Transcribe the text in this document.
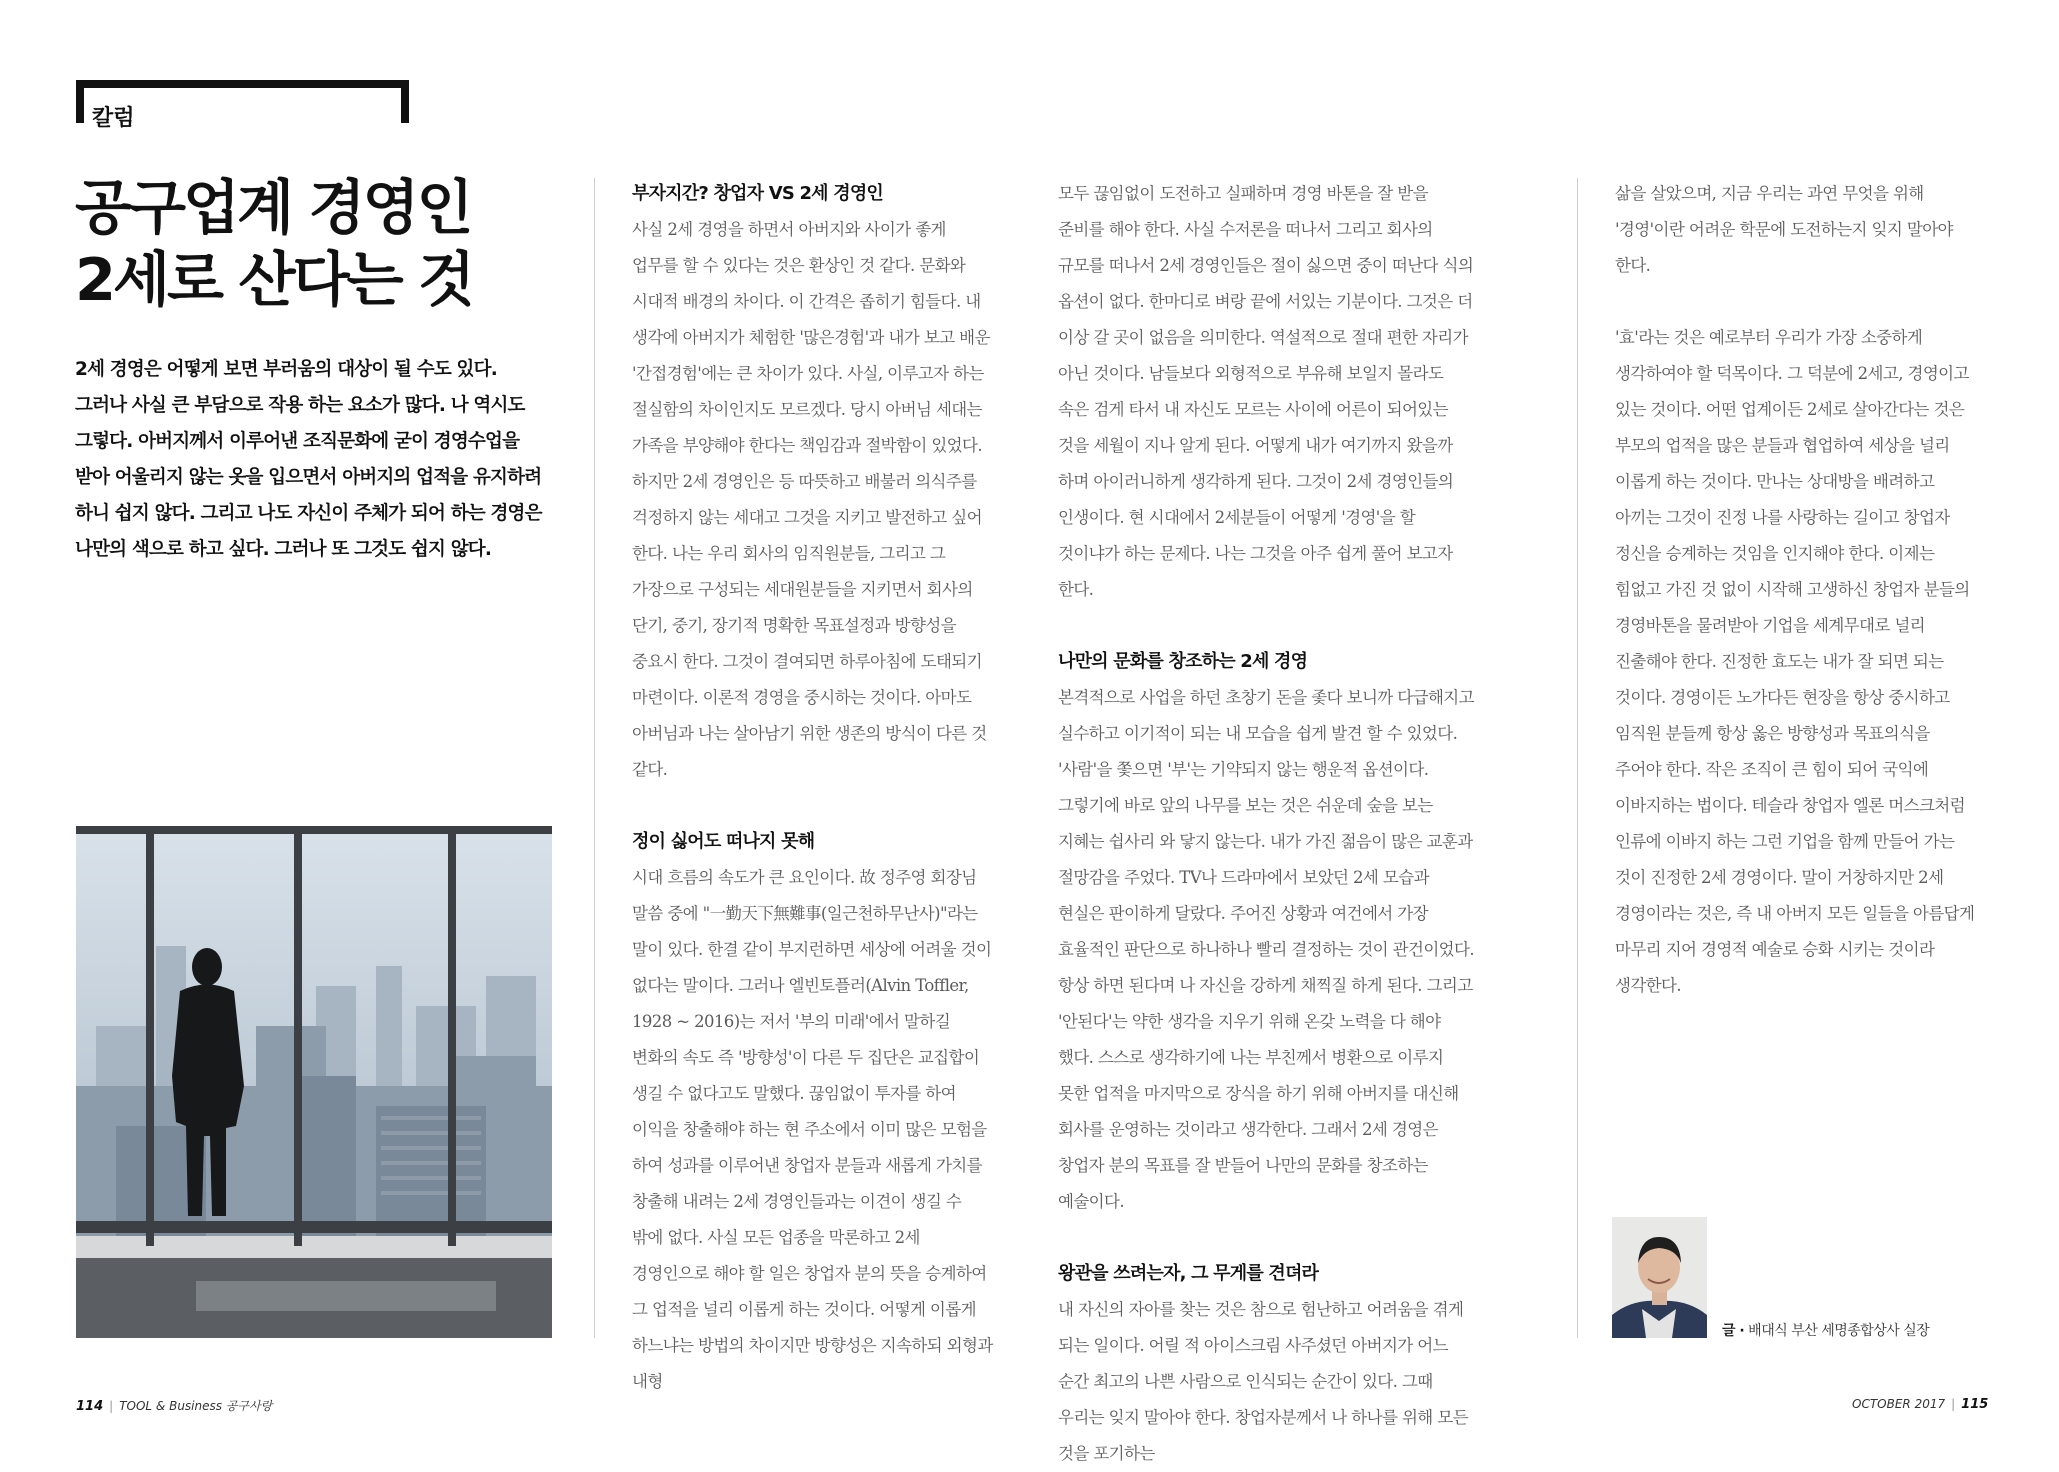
칼럼
공구업계 경영인
2세로 산다는 것
2세 경영은 어떻게 보면 부러움의 대상이 될 수도 있다. 그러나 사실 큰 부담으로 작용 하는 요소가 많다. 나 역시도 그렇다. 아버지께서 이루어낸 조직문화에 굳이 경영수업을 받아 어울리지 않는 옷을 입으면서 아버지의 업적을 유지하려 하니 쉽지 않다. 그리고 나도 자신이 주체가 되어 하는 경영은 나만의 색으로 하고 싶다. 그러나 또 그것도 쉽지 않다.

부자지간? 창업자 VS 2세 경영인

사실 2세 경영을 하면서 아버지와 사이가 좋게 업무를 할 수 있다는 것은 환상인 것 같다. 문화와 시대적 배경의 차이다. 이 간격은 좁히기 힘들다. 내 생각에 아버지가 체험한 '많은경험'과 내가 보고 배운 '간접경험'에는 큰 차이가 있다. 사실, 이루고자 하는 절실함의 차이인지도 모르겠다. 당시 아버님 세대는 가족을 부양해야 한다는 책임감과 절박함이 있었다. 하지만 2세 경영인은 등 따뜻하고 배불러 의식주를 걱정하지 않는 세대고 그것을 지키고 발전하고 싶어 한다. 나는 우리 회사의 임직원분들, 그리고 그 가장으로 구성되는 세대원분들을 지키면서 회사의 단기, 중기, 장기적 명확한 목표설정과 방향성을 중요시 한다. 그것이 결여되면 하루아침에 도태되기 마련이다. 이론적 경영을 중시하는 것이다. 아마도 아버님과 나는 살아남기 위한 생존의 방식이 다른 것 같다.

정이 싫어도 떠나지 못해

시대 흐름의 속도가 큰 요인이다. 故 정주영 회장님 말씀 중에 "一勤天下無難事(일근천하무난사)"라는 말이 있다. 한결 같이 부지런하면 세상에 어려울 것이 없다는 말이다. 그러나 엘빈토플러(Alvin Toffler, 1928 ~ 2016)는 저서 '부의 미래'에서 말하길 변화의 속도 즉 '방향성'이 다른 두 집단은 교집합이 생길 수 없다고도 말했다. 끊임없이 투자를 하여 이익을 창출해야 하는 현 주소에서 이미 많은 모험을 하여 성과를 이루어낸 창업자 분들과 새롭게 가치를 창출해 내려는 2세 경영인들과는 이견이 생길 수 밖에 없다. 사실 모든 업종을 막론하고 2세 경영인으로 해야 할 일은 창업자 분의 뜻을 승계하여 그 업적을 널리 이롭게 하는 것이다. 어떻게 이롭게 하느냐는 방법의 차이지만 방향성은 지속하되 외형과 내형

모두 끊임없이 도전하고 실패하며 경영 바톤을 잘 받을 준비를 해야 한다. 사실 수저론을 떠나서 그리고 회사의 규모를 떠나서 2세 경영인들은 절이 싫으면 중이 떠난다 식의 옵션이 없다. 한마디로 벼랑 끝에 서있는 기분이다. 그것은 더 이상 갈 곳이 없음을 의미한다. 역설적으로 절대 편한 자리가 아닌 것이다. 남들보다 외형적으로 부유해 보일지 몰라도 속은 검게 타서 내 자신도 모르는 사이에 어른이 되어있는 것을 세월이 지나 알게 된다. 어떻게 내가 여기까지 왔을까 하며 아이러니하게 생각하게 된다. 그것이 2세 경영인들의 인생이다. 현 시대에서 2세분들이 어떻게 '경영'을 할 것이냐가 하는 문제다. 나는 그것을 아주 쉽게 풀어 보고자 한다.

나만의 문화를 창조하는 2세 경영

본격적으로 사업을 하던 초창기 돈을 좇다 보니까 다급해지고 실수하고 이기적이 되는 내 모습을 쉽게 발견 할 수 있었다. '사람'을 쫓으면 '부'는 기약되지 않는 행운적 옵션이다. 그렇기에 바로 앞의 나무를 보는 것은 쉬운데 숲을 보는 지혜는 쉽사리 와 닿지 않는다. 내가 가진 젊음이 많은 교훈과 절망감을 주었다. TV나 드라마에서 보았던 2세 모습과 현실은 판이하게 달랐다. 주어진 상황과 여건에서 가장 효율적인 판단으로 하나하나 빨리 결정하는 것이 관건이었다. 항상 하면 된다며 나 자신을 강하게 채찍질 하게 된다. 그리고 '안된다'는 약한 생각을 지우기 위해 온갖 노력을 다 해야 했다. 스스로 생각하기에 나는 부친께서 병환으로 이루지 못한 업적을 마지막으로 장식을 하기 위해 아버지를 대신해 회사를 운영하는 것이라고 생각한다. 그래서 2세 경영은 창업자 분의 목표를 잘 받들어 나만의 문화를 창조하는 예술이다.

왕관을 쓰려는자, 그 무게를 견뎌라

내 자신의 자아를 찾는 것은 참으로 험난하고 어려움을 겪게 되는 일이다. 어릴 적 아이스크림 사주셨던 아버지가 어느 순간 최고의 나쁜 사람으로 인식되는 순간이 있다. 그때 우리는 잊지 말아야 한다. 창업자분께서 나 하나를 위해 모든 것을 포기하는

삶을 살았으며, 지금 우리는 과연 무엇을 위해 '경영'이란 어려운 학문에 도전하는지 잊지 말아야 한다.

'효'라는 것은 예로부터 우리가 가장 소중하게 생각하여야 할 덕목이다. 그 덕분에 2세고, 경영이고 있는 것이다. 어떤 업계이든 2세로 살아간다는 것은 부모의 업적을 많은 분들과 협업하여 세상을 널리 이롭게 하는 것이다. 만나는 상대방을 배려하고 아끼는 그것이 진정 나를 사랑하는 길이고 창업자 정신을 승계하는 것임을 인지해야 한다. 이제는 힘없고 가진 것 없이 시작해 고생하신 창업자 분들의 경영바톤을 물려받아 기업을 세계무대로 널리 진출해야 한다. 진정한 효도는 내가 잘 되면 되는 것이다. 경영이든 노가다든 현장을 항상 중시하고 임직원 분들께 항상 옳은 방향성과 목표의식을 주어야 한다. 작은 조직이 큰 힘이 되어 국익에 이바지하는 법이다. 테슬라 창업자 엘론 머스크처럼 인류에 이바지 하는 그런 기업을 함께 만들어 가는 것이 진정한 2세 경영이다. 말이 거창하지만 2세 경영이라는 것은, 즉 내 아버지 모든 일들을 아름답게 마무리 지어 경영적 예술로 승화 시키는 것이라 생각한다.

글 · 배대식 부산 세명종합상사 실장
114 | TOOL & Business 공구사랑	OCTOBER 2017 | 115
